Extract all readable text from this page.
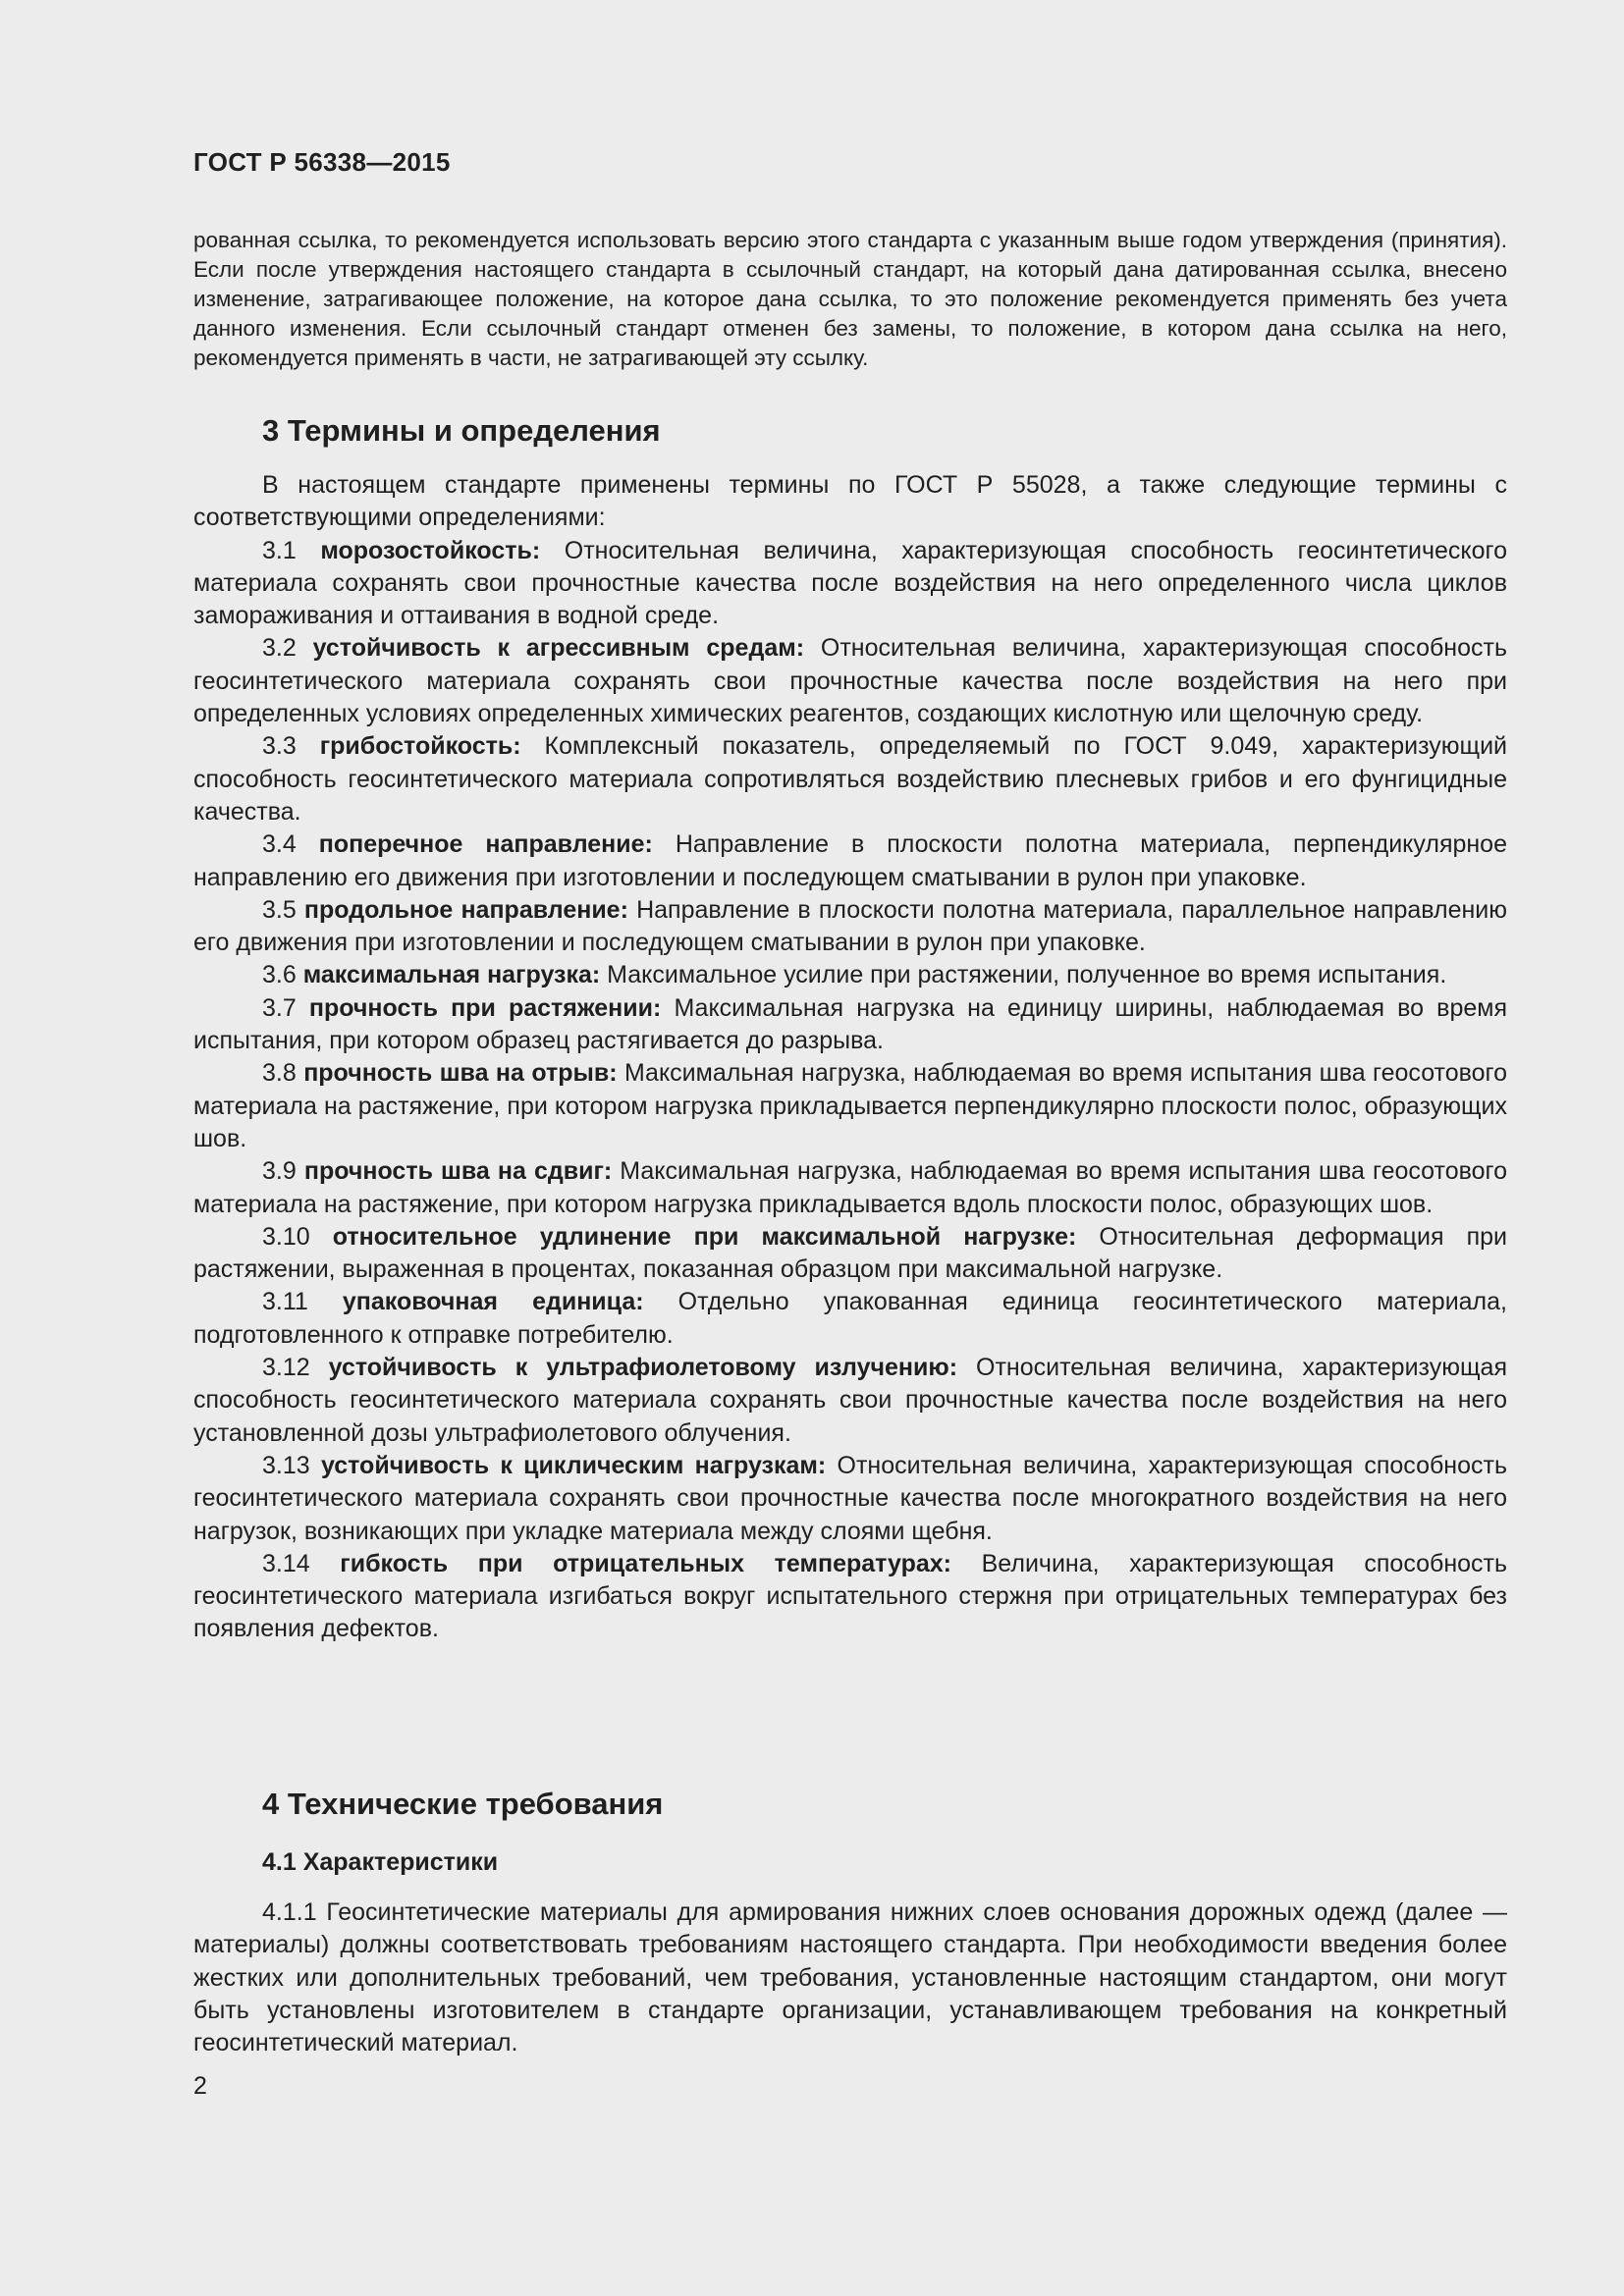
ГОСТ Р 56338—2015
рованная ссылка, то рекомендуется использовать версию этого стандарта с указанным выше годом утверждения (принятия). Если после утверждения настоящего стандарта в ссылочный стандарт, на который дана датированная ссылка, внесено изменение, затрагивающее положение, на которое дана ссылка, то это положение рекомендуется применять без учета данного изменения. Если ссылочный стандарт отменен без замены, то положение, в котором дана ссылка на него, рекомендуется применять в части, не затрагивающей эту ссылку.
3 Термины и определения

В настоящем стандарте применены термины по ГОСТ Р 55028, а также следующие термины с соответствующими определениями:

3.1 морозостойкость: Относительная величина, характеризующая способность геосинтетического материала сохранять свои прочностные качества после воздействия на него определенного числа циклов замораживания и оттаивания в водной среде.

3.2 устойчивость к агрессивным средам: Относительная величина, характеризующая способность геосинтетического материала сохранять свои прочностные качества после воздействия на него при определенных условиях определенных химических реагентов, создающих кислотную или щелочную среду.

3.3 грибостойкость: Комплексный показатель, определяемый по ГОСТ 9.049, характеризующий способность геосинтетического материала сопротивляться воздействию плесневых грибов и его фунгицидные качества.

3.4 поперечное направление: Направление в плоскости полотна материала, перпендикулярное направлению его движения при изготовлении и последующем сматывании в рулон при упаковке.

3.5 продольное направление: Направление в плоскости полотна материала, параллельное направлению его движения при изготовлении и последующем сматывании в рулон при упаковке.

3.6 максимальная нагрузка: Максимальное усилие при растяжении, полученное во время испытания.

3.7 прочность при растяжении: Максимальная нагрузка на единицу ширины, наблюдаемая во время испытания, при котором образец растягивается до разрыва.

3.8 прочность шва на отрыв: Максимальная нагрузка, наблюдаемая во время испытания шва геосотового материала на растяжение, при котором нагрузка прикладывается перпендикулярно плоскости полос, образующих шов.

3.9 прочность шва на сдвиг: Максимальная нагрузка, наблюдаемая во время испытания шва геосотового материала на растяжение, при котором нагрузка прикладывается вдоль плоскости полос, образующих шов.

3.10 относительное удлинение при максимальной нагрузке: Относительная деформация при растяжении, выраженная в процентах, показанная образцом при максимальной нагрузке.

3.11 упаковочная единица: Отдельно упакованная единица геосинтетического материала, подготовленного к отправке потребителю.

3.12 устойчивость к ультрафиолетовому излучению: Относительная величина, характеризующая способность геосинтетического материала сохранять свои прочностные качества после воздействия на него установленной дозы ультрафиолетового облучения.

3.13 устойчивость к циклическим нагрузкам: Относительная величина, характеризующая способность геосинтетического материала сохранять свои прочностные качества после многократного воздействия на него нагрузок, возникающих при укладке материала между слоями щебня.

3.14 гибкость при отрицательных температурах: Величина, характеризующая способность геосинтетического материала изгибаться вокруг испытательного стержня при отрицательных температурах без появления дефектов.

4 Технические требования
4.1 Характеристики

4.1.1 Геосинтетические материалы для армирования нижних слоев основания дорожных одежд (далее — материалы) должны соответствовать требованиям настоящего стандарта. При необходимости введения более жестких или дополнительных требований, чем требования, установленные настоящим стандартом, они могут быть установлены изготовителем в стандарте организации, устанавливающем требования на конкретный геосинтетический материал.

2
